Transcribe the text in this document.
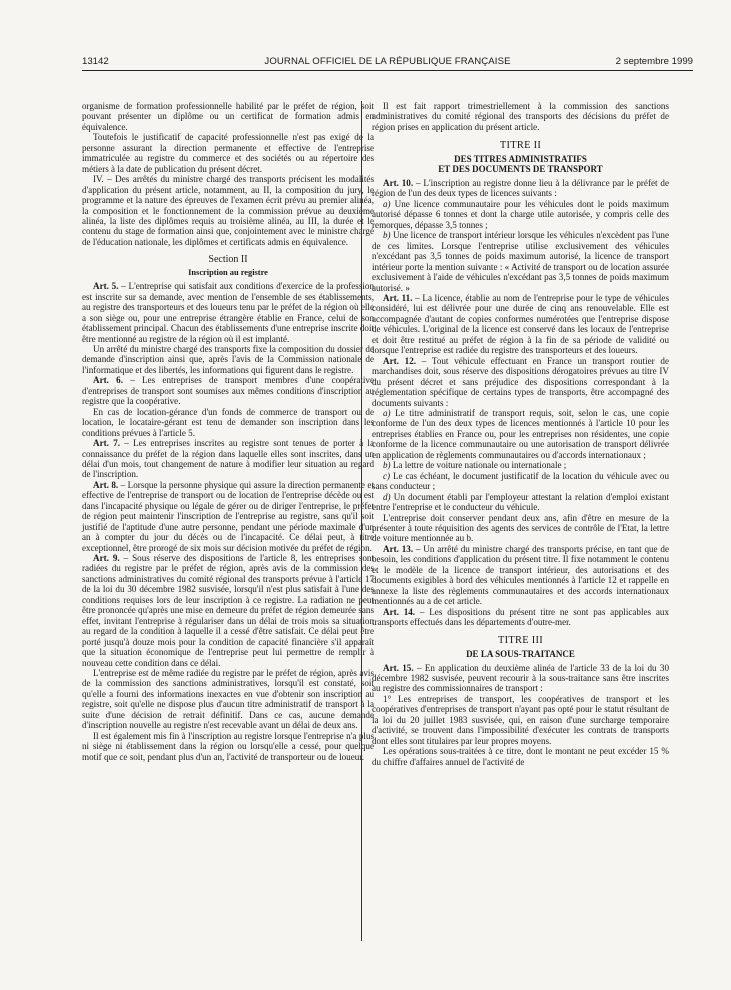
13142	JOURNAL OFFICIEL DE LA RÉPUBLIQUE FRANÇAISE	2 septembre 1999

organisme de formation professionnelle habilité par le préfet de région, soit pouvant présenter un diplôme ou un certificat de formation admis en équivalence.

Toutefois le justificatif de capacité professionnelle n'est pas exigé de la personne assurant la direction permanente et effective de l'entreprise immatriculée au registre du commerce et des sociétés ou au répertoire des métiers à la date de publication du présent décret.

IV. – Des arrêtés du ministre chargé des transports précisent les modalités d'application du présent article, notamment, au II, la composition du jury, le programme et la nature des épreuves de l'examen écrit prévu au premier alinéa, la composition et le fonctionnement de la commission prévue au deuxième alinéa, la liste des diplômes requis au troisième alinéa, au III, la durée et le contenu du stage de formation ainsi que, conjointement avec le ministre chargé de l'éducation nationale, les diplômes et certificats admis en équivalence.

Section II
Inscription au registre

Art. 5. – L'entreprise qui satisfait aux conditions d'exercice de la profession est inscrite sur sa demande, avec mention de l'ensemble de ses établissements, au registre des transporteurs et des loueurs tenu par le préfet de la région où elle a son siège ou, pour une entreprise étrangère établie en France, celui de son établissement principal. Chacun des établissements d'une entreprise inscrite doit être mentionné au registre de la région où il est implanté.

Un arrêté du ministre chargé des transports fixe la composition du dossier de demande d'inscription ainsi que, après l'avis de la Commission nationale de l'informatique et des libertés, les informations qui figurent dans le registre.

Art. 6. – Les entreprises de transport membres d'une coopérative d'entreprises de transport sont soumises aux mêmes conditions d'inscription au registre que la coopérative.

En cas de location-gérance d'un fonds de commerce de transport ou de location, le locataire-gérant est tenu de demander son inscription dans les conditions prévues à l'article 5.

Art. 7. – Les entreprises inscrites au registre sont tenues de porter à la connaissance du préfet de la région dans laquelle elles sont inscrites, dans un délai d'un mois, tout changement de nature à modifier leur situation au regard de l'inscription.

Art. 8. – Lorsque la personne physique qui assure la direction permanente et effective de l'entreprise de transport ou de location de l'entreprise décède ou est dans l'incapacité physique ou légale de gérer ou de diriger l'entreprise, le préfet de région peut maintenir l'inscription de l'entreprise au registre, sans qu'il soit justifié de l'aptitude d'une autre personne, pendant une période maximale d'un an à compter du jour du décès ou de l'incapacité. Ce délai peut, à titre exceptionnel, être prorogé de six mois sur décision motivée du préfet de région.

Art. 9. – Sous réserve des dispositions de l'article 8, les entreprises sont radiées du registre par le préfet de région, après avis de la commission des sanctions administratives du comité régional des transports prévue à l'article 17 de la loi du 30 décembre 1982 susvisée, lorsqu'il n'est plus satisfait à l'une des conditions requises lors de leur inscription à ce registre. La radiation ne peut être prononcée qu'après une mise en demeure du préfet de région demeurée sans effet, invitant l'entreprise à régulariser dans un délai de trois mois sa situation au regard de la condition à laquelle il a cessé d'être satisfait. Ce délai peut être porté jusqu'à douze mois pour la condition de capacité financière s'il apparaît que la situation économique de l'entreprise peut lui permettre de remplir à nouveau cette condition dans ce délai.

L'entreprise est de même radiée du registre par le préfet de région, après avis de la commission des sanctions administratives, lorsqu'il est constaté, soit qu'elle a fourni des informations inexactes en vue d'obtenir son inscription au registre, soit qu'elle ne dispose plus d'aucun titre administratif de transport à la suite d'une décision de retrait définitif. Dans ce cas, aucune demande d'inscription nouvelle au registre n'est recevable avant un délai de deux ans.

Il est également mis fin à l'inscription au registre lorsque l'entreprise n'a plus ni siège ni établissement dans la région ou lorsqu'elle a cessé, pour quelque motif que ce soit, pendant plus d'un an, l'activité de transporteur ou de loueur.

Il est fait rapport trimestriellement à la commission des sanctions administratives du comité régional des transports des décisions du préfet de région prises en application du présent article.

TITRE II
DES TITRES ADMINISTRATIFS
ET DES DOCUMENTS DE TRANSPORT

Art. 10. – L'inscription au registre donne lieu à la délivrance par le préfet de région de l'un des deux types de licences suivants :

a) Une licence communautaire pour les véhicules dont le poids maximum autorisé dépasse 6 tonnes et dont la charge utile autorisée, y compris celle des remorques, dépasse 3,5 tonnes ;

b) Une licence de transport intérieur lorsque les véhicules n'excèdent pas l'une de ces limites. Lorsque l'entreprise utilise exclusivement des véhicules n'excédant pas 3,5 tonnes de poids maximum autorisé, la licence de transport intérieur porte la mention suivante : « Activité de transport ou de location assurée exclusivement à l'aide de véhicules n'excédant pas 3,5 tonnes de poids maximum autorisé. »

Art. 11. – La licence, établie au nom de l'entreprise pour le type de véhicules considéré, lui est délivrée pour une durée de cinq ans renouvelable. Elle est accompagnée d'autant de copies conformes numérotées que l'entreprise dispose de véhicules. L'original de la licence est conservé dans les locaux de l'entreprise et doit être restitué au préfet de région à la fin de sa période de validité ou lorsque l'entreprise est radiée du registre des transporteurs et des loueurs.

Art. 12. – Tout véhicule effectuant en France un transport routier de marchandises doit, sous réserve des dispositions dérogatoires prévues au titre IV du présent décret et sans préjudice des dispositions correspondant à la réglementation spécifique de certains types de transports, être accompagné des documents suivants :

a) Le titre administratif de transport requis, soit, selon le cas, une copie conforme de l'un des deux types de licences mentionnés à l'article 10 pour les entreprises établies en France ou, pour les entreprises non résidentes, une copie conforme de la licence communautaire ou une autorisation de transport délivrée en application de règlements communautaires ou d'accords internationaux ;

b) La lettre de voiture nationale ou internationale ;

c) Le cas échéant, le document justificatif de la location du véhicule avec ou sans conducteur ;

d) Un document établi par l'employeur attestant la relation d'emploi existant entre l'entreprise et le conducteur du véhicule.

L'entreprise doit conserver pendant deux ans, afin d'être en mesure de la présenter à toute réquisition des agents des services de contrôle de l'Etat, la lettre de voiture mentionnée au b.

Art. 13. – Un arrêté du ministre chargé des transports précise, en tant que de besoin, les conditions d'application du présent titre. Il fixe notamment le contenu et le modèle de la licence de transport intérieur, des autorisations et des documents exigibles à bord des véhicules mentionnés à l'article 12 et rappelle en annexe la liste des règlements communautaires et des accords internationaux mentionnés au a de cet article.

Art. 14. – Les dispositions du présent titre ne sont pas applicables aux transports effectués dans les départements d'outre-mer.

TITRE III
DE LA SOUS-TRAITANCE

Art. 15. – En application du deuxième alinéa de l'article 33 de la loi du 30 décembre 1982 susvisée, peuvent recourir à la sous-traitance sans être inscrites au registre des commissionnaires de transport :

1° Les entreprises de transport, les coopératives de transport et les coopératives d'entreprises de transport n'ayant pas opté pour le statut résultant de la loi du 20 juillet 1983 susvisée, qui, en raison d'une surcharge temporaire d'activité, se trouvent dans l'impossibilité d'exécuter les contrats de transports dont elles sont titulaires par leur propres moyens.

Les opérations sous-traitées à ce titre, dont le montant ne peut excéder 15 % du chiffre d'affaires annuel de l'activité de
